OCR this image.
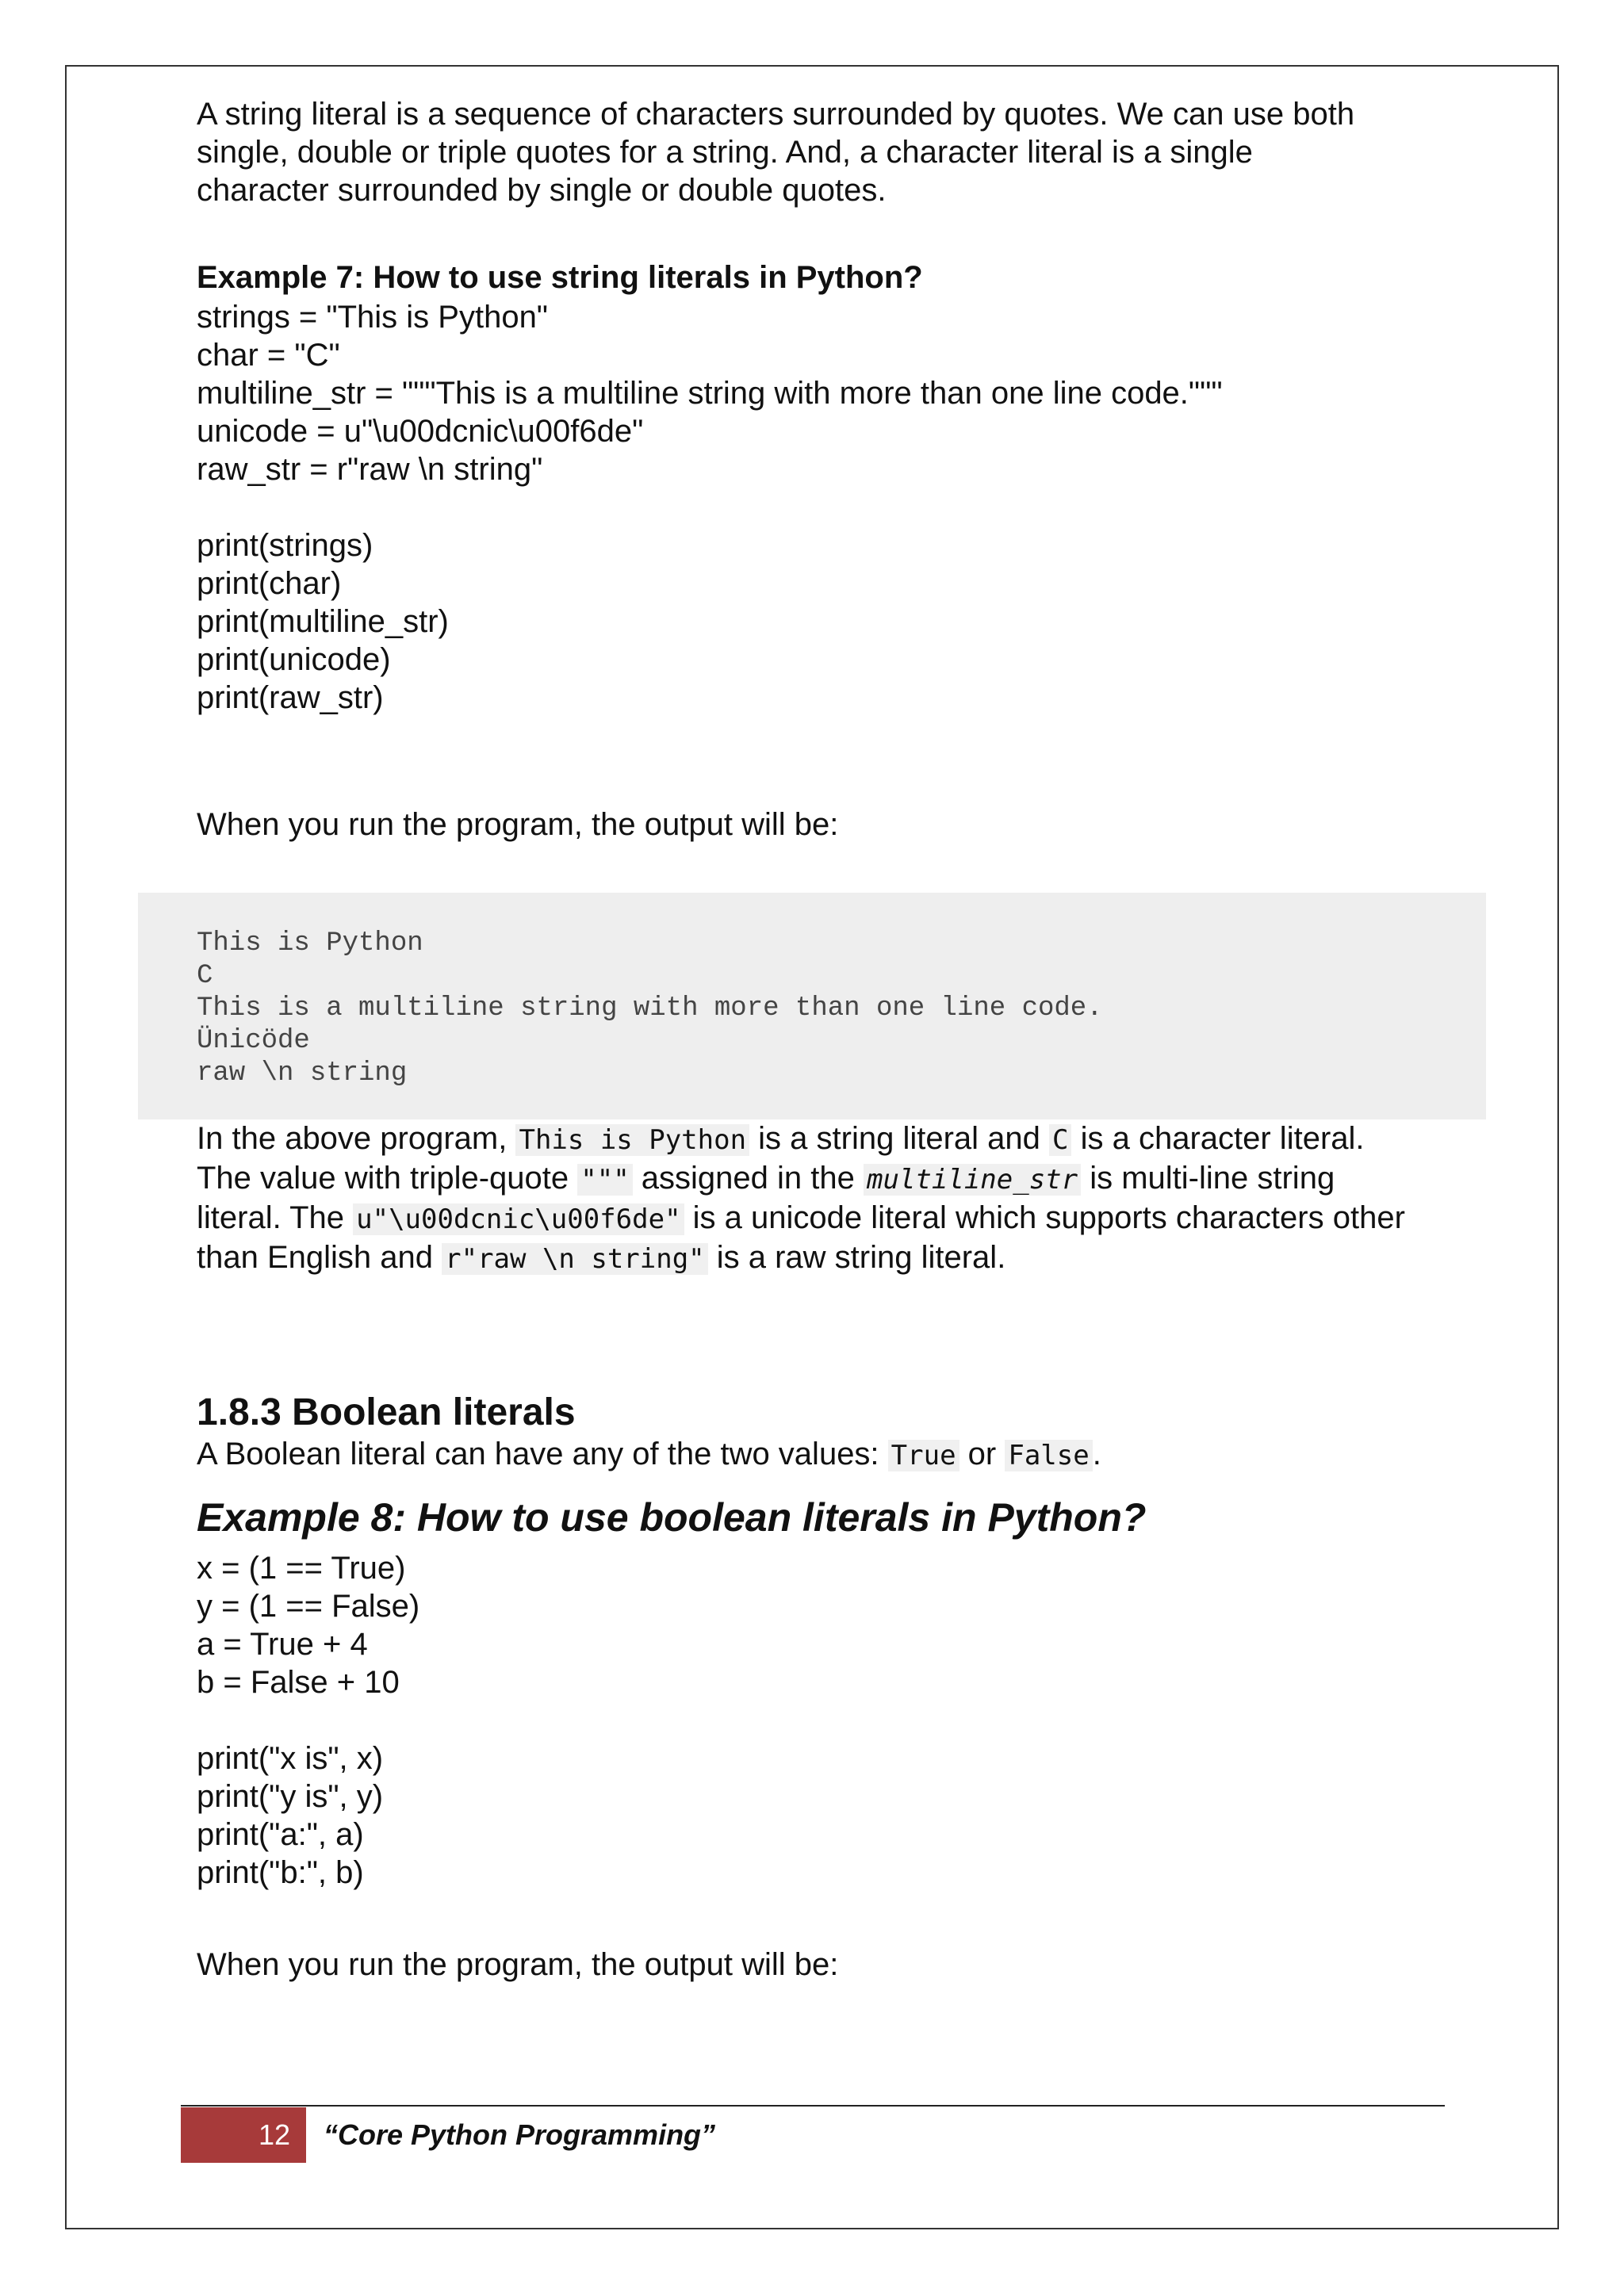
A string literal is a sequence of characters surrounded by quotes. We can use both
single, double or triple quotes for a string. And, a character literal is a single
character surrounded by single or double quotes.
Example 7: How to use string literals in Python?
strings = "This is Python"
char = "C"
multiline_str = """This is a multiline string with more than one line code."""
unicode = u"\u00dcnic\u00f6de"
raw_str = r"raw \n string"

print(strings)
print(char)
print(multiline_str)
print(unicode)
print(raw_str)
When you run the program, the output will be:
This is Python
C
This is a multiline string with more than one line code.
Ünicöde
raw \n string
In the above program, This is Python is a string literal and C is a character literal.
The value with triple-quote """ assigned in the multiline_str is multi-line string
literal. The u"\u00dcnic\u00f6de" is a unicode literal which supports characters other
than English and r"raw \n string" is a raw string literal.
1.8.3 Boolean literals
A Boolean literal can have any of the two values: True or False .
Example 8: How to use boolean literals in Python?
x = (1 == True)
y = (1 == False)
a = True + 4
b = False + 10

print("x is", x)
print("y is", y)
print("a:", a)
print("b:", b)
When you run the program, the output will be:
12	“Core Python Programming”
